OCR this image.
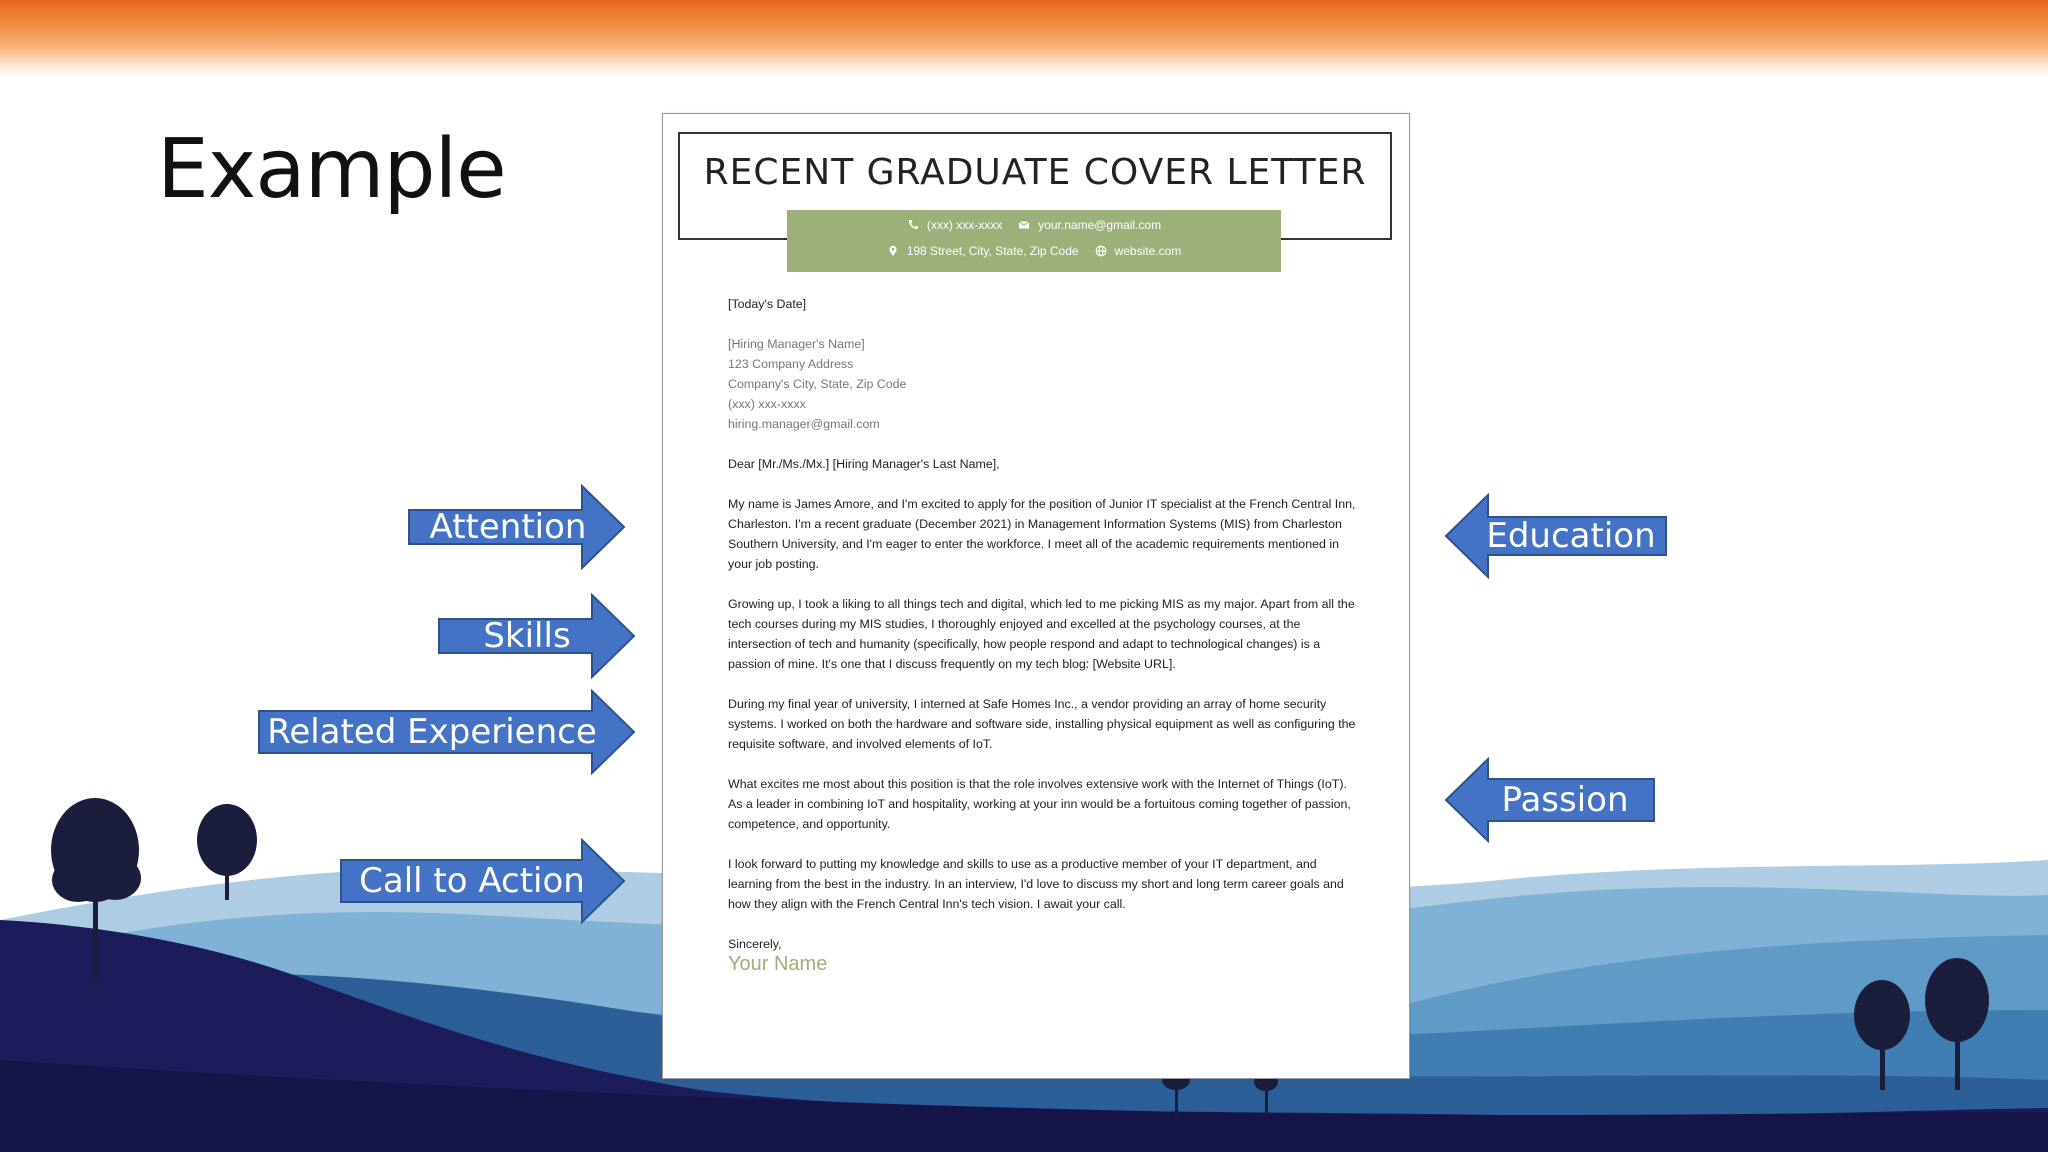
Example
Attention
Skills
Related Experience
Call to Action
Education
Passion
RECENT GRADUATE COVER LETTER
(xxx) xxx-xxxx	your.name@gmail.com
198 Street, City, State, Zip Code	website.com

[Today's Date]

[Hiring Manager's Name]

123 Company Address

Company's City, State, Zip Code

(xxx) xxx-xxxx

hiring.manager@gmail.com

Dear [Mr./Ms./Mx.] [Hiring Manager's Last Name],

My name is James Amore, and I'm excited to apply for the position of Junior IT specialist at the French Central Inn, Charleston. I'm a recent graduate (December 2021) in Management Information Systems (MIS) from Charleston Southern University, and I'm eager to enter the workforce. I meet all of the academic requirements mentioned in your job posting.

Growing up, I took a liking to all things tech and digital, which led to me picking MIS as my major. Apart from all the tech courses during my MIS studies, I thoroughly enjoyed and excelled at the psychology courses, at the intersection of tech and humanity (specifically, how people respond and adapt to technological changes) is a passion of mine. It's one that I discuss frequently on my tech blog: [Website URL].

During my final year of university, I interned at Safe Homes Inc., a vendor providing an array of home security systems. I worked on both the hardware and software side, installing physical equipment as well as configuring the requisite software, and involved elements of IoT.

What excites me most about this position is that the role involves extensive work with the Internet of Things (IoT). As a leader in combining IoT and hospitality, working at your inn would be a fortuitous coming together of passion, competence, and opportunity.

I look forward to putting my knowledge and skills to use as a productive member of your IT department, and learning from the best in the industry. In an interview, I'd love to discuss my short and long term career goals and how they align with the French Central Inn's tech vision. I await your call.

Sincerely,

Your Name
